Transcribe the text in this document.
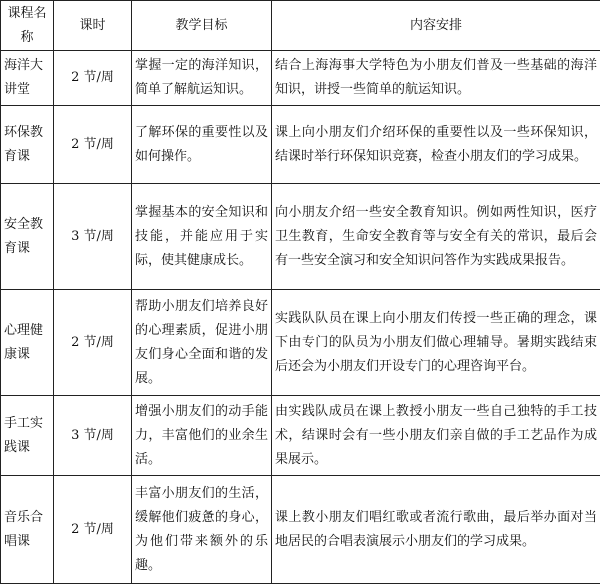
课程名称	课时	教学目标	内容安排
海洋大讲堂	2 节/周	掌握一定的海洋知识，简单了解航运知识。	结合上海海事大学特色为小朋友们普及一些基础的海洋知识，讲授一些简单的航运知识。
环保教育课	2 节/周	了解环保的重要性以及如何操作。	课上向小朋友们介绍环保的重要性以及一些环保知识，结课时举行环保知识竞赛，检查小朋友们的学习成果。
安全教育课	3 节/周	掌握基本的安全知识和技能，并能应用于实际，使其健康成长。	向小朋友介绍一些安全教育知识。例如两性知识，医疗卫生教育，生命安全教育等与安全有关的常识，最后会有一些安全演习和安全知识问答作为实践成果报告。
心理健康课	2 节/周	帮助小朋友们培养良好的心理素质，促进小朋友们身心全面和谐的发展。	实践队队员在课上向小朋友们传授一些正确的理念，课下由专门的队员为小朋友们做心理辅导。暑期实践结束后还会为小朋友们开设专门的心理咨询平台。
手工实践课	3 节/周	增强小朋友们的动手能力，丰富他们的业余生活。	由实践队成员在课上教授小朋友一些自己独特的手工技术，结课时会有一些小朋友们亲自做的手工艺品作为成果展示。
音乐合唱课	2 节/周	丰富小朋友们的生活，缓解他们疲惫的身心，为他们带来额外的乐趣。	课上教小朋友们唱红歌或者流行歌曲，最后举办面对当地居民的合唱表演展示小朋友们的学习成果。
